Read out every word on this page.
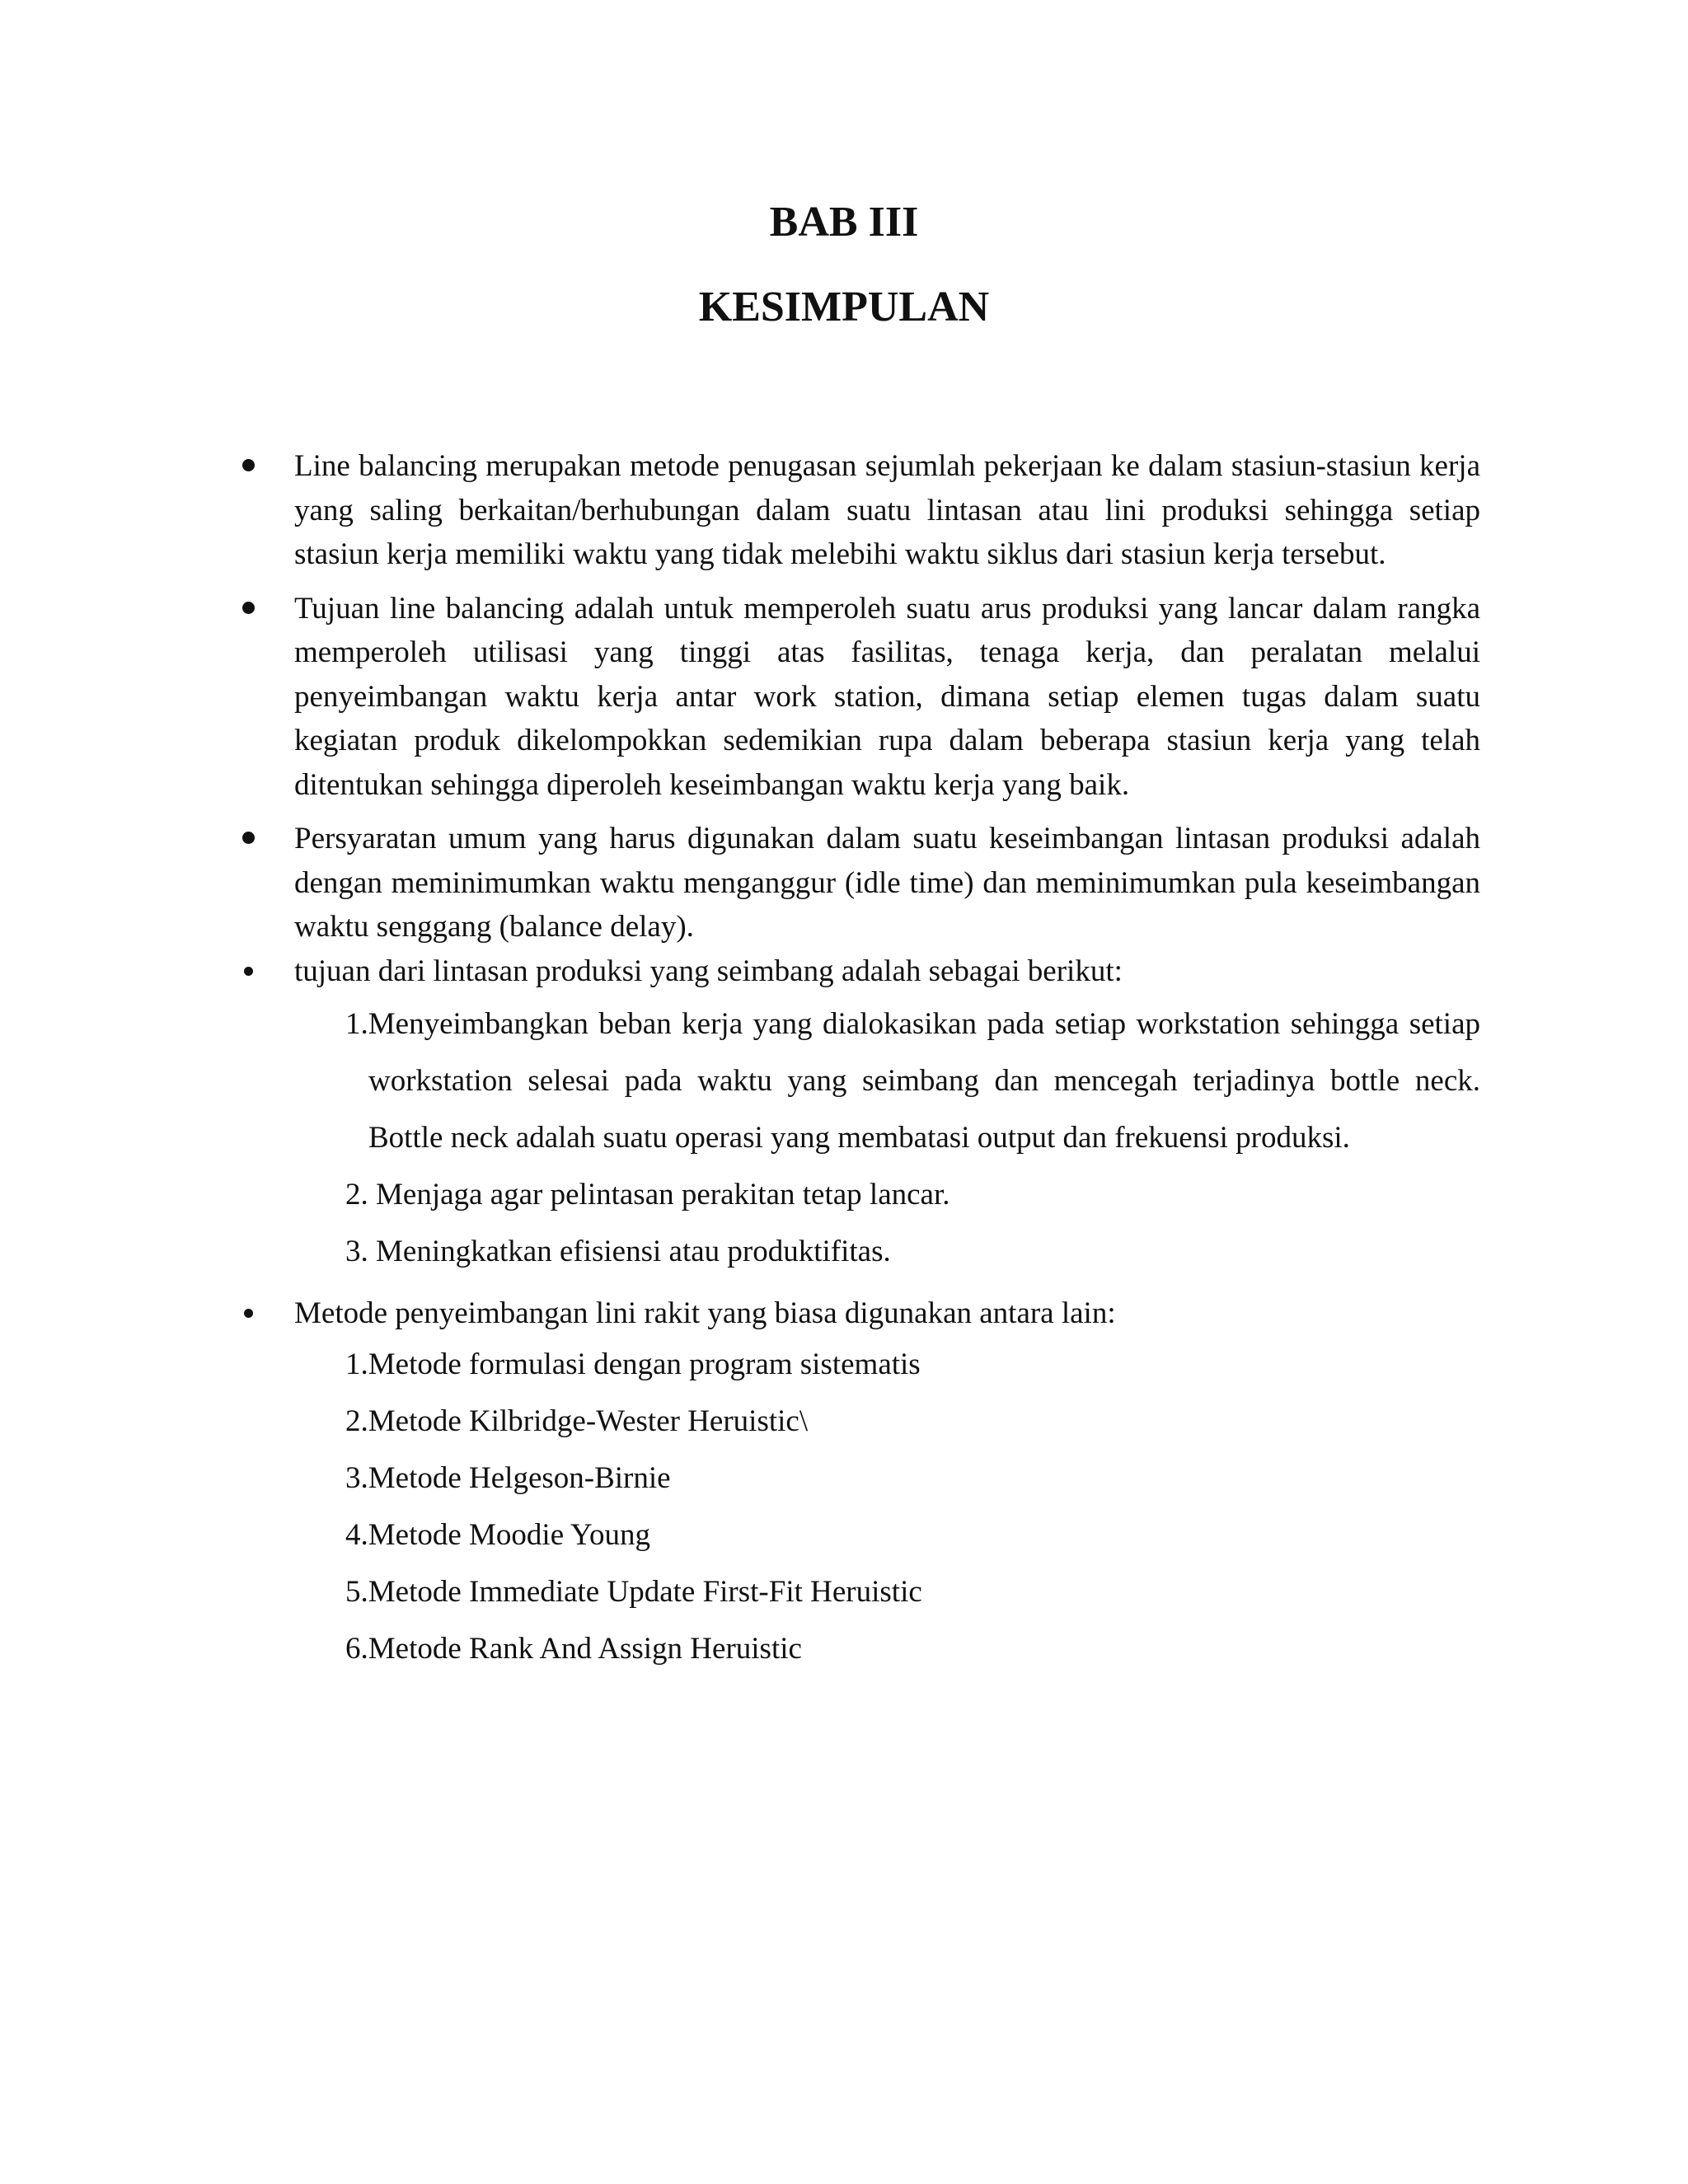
BAB III
KESIMPULAN
Line balancing merupakan metode penugasan sejumlah pekerjaan ke dalam stasiun-stasiun kerja yang saling berkaitan/berhubungan dalam suatu lintasan atau lini produksi sehingga setiap stasiun kerja memiliki waktu yang tidak melebihi waktu siklus dari stasiun kerja tersebut.
Tujuan line balancing adalah untuk memperoleh suatu arus produksi yang lancar dalam rangka memperoleh utilisasi yang tinggi atas fasilitas, tenaga kerja, dan peralatan melalui penyeimbangan waktu kerja antar work station, dimana setiap elemen tugas dalam suatu kegiatan produk dikelompokkan sedemikian rupa dalam beberapa stasiun kerja yang telah ditentukan sehingga diperoleh keseimbangan waktu kerja yang baik.
Persyaratan umum yang harus digunakan dalam suatu keseimbangan lintasan produksi adalah dengan meminimumkan waktu menganggur (idle time) dan meminimumkan pula keseimbangan waktu senggang (balance delay).
tujuan dari lintasan produksi yang seimbang adalah sebagai berikut:
1.Menyeimbangkan beban kerja yang dialokasikan pada setiap workstation sehingga setiap workstation selesai pada waktu yang seimbang dan mencegah terjadinya bottle neck. Bottle neck adalah suatu operasi yang membatasi output dan frekuensi produksi.
2. Menjaga agar pelintasan perakitan tetap lancar.
3. Meningkatkan efisiensi atau produktifitas.
Metode penyeimbangan lini rakit yang biasa digunakan antara lain:
1.Metode formulasi dengan program sistematis
2.Metode Kilbridge-Wester Heruistic\
3.Metode Helgeson-Birnie
4.Metode Moodie Young
5.Metode Immediate Update First-Fit Heruistic
6.Metode Rank And Assign Heruistic
